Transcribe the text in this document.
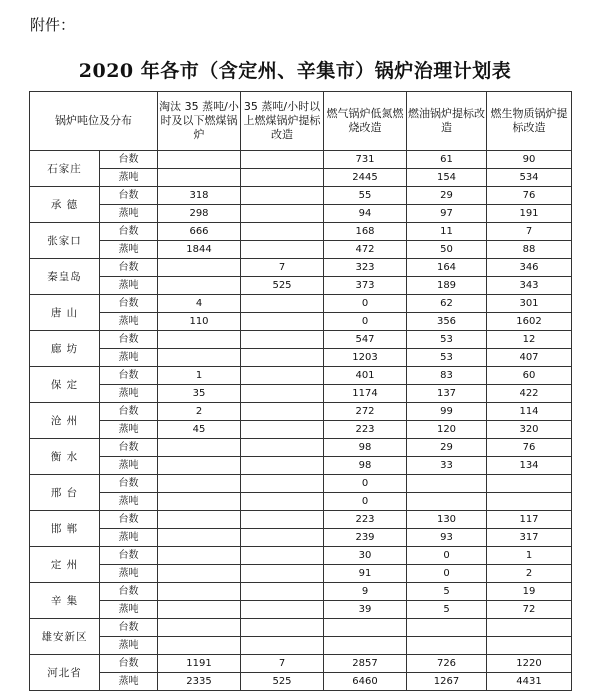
附件：
2020 年各市（含定州、辛集市）锅炉治理计划表
锅炉吨位及分布		淘汰 35 蒸吨/小时及以下燃煤锅炉	35 蒸吨/小时以上燃煤锅炉提标改造	燃气锅炉低氮燃烧改造	燃油锅炉提标改造	燃生物质锅炉提标改造
石家庄	台数			731	61	90
	蒸吨			2445	154	534
承 德	台数	318		55	29	76
	蒸吨	298		94	97	191
张家口	台数	666		168	11	7
	蒸吨	1844		472	50	88
秦皇岛	台数		7	323	164	346
	蒸吨		525	373	189	343
唐 山	台数	4		0	62	301
	蒸吨	110		0	356	1602
廊 坊	台数			547	53	12
	蒸吨			1203	53	407
保 定	台数	1		401	83	60
	蒸吨	35		1174	137	422
沧 州	台数	2		272	99	114
	蒸吨	45		223	120	320
衡 水	台数			98	29	76
	蒸吨			98	33	134
邢 台	台数			0		
	蒸吨			0		
邯 郸	台数			223	130	117
	蒸吨			239	93	317
定 州	台数			30	0	1
	蒸吨			91	0	2
辛 集	台数			9	5	19
	蒸吨			39	5	72
雄安新区	台数					
	蒸吨					
河北省	台数	1191	7	2857	726	1220
	蒸吨	2335	525	6460	1267	4431
